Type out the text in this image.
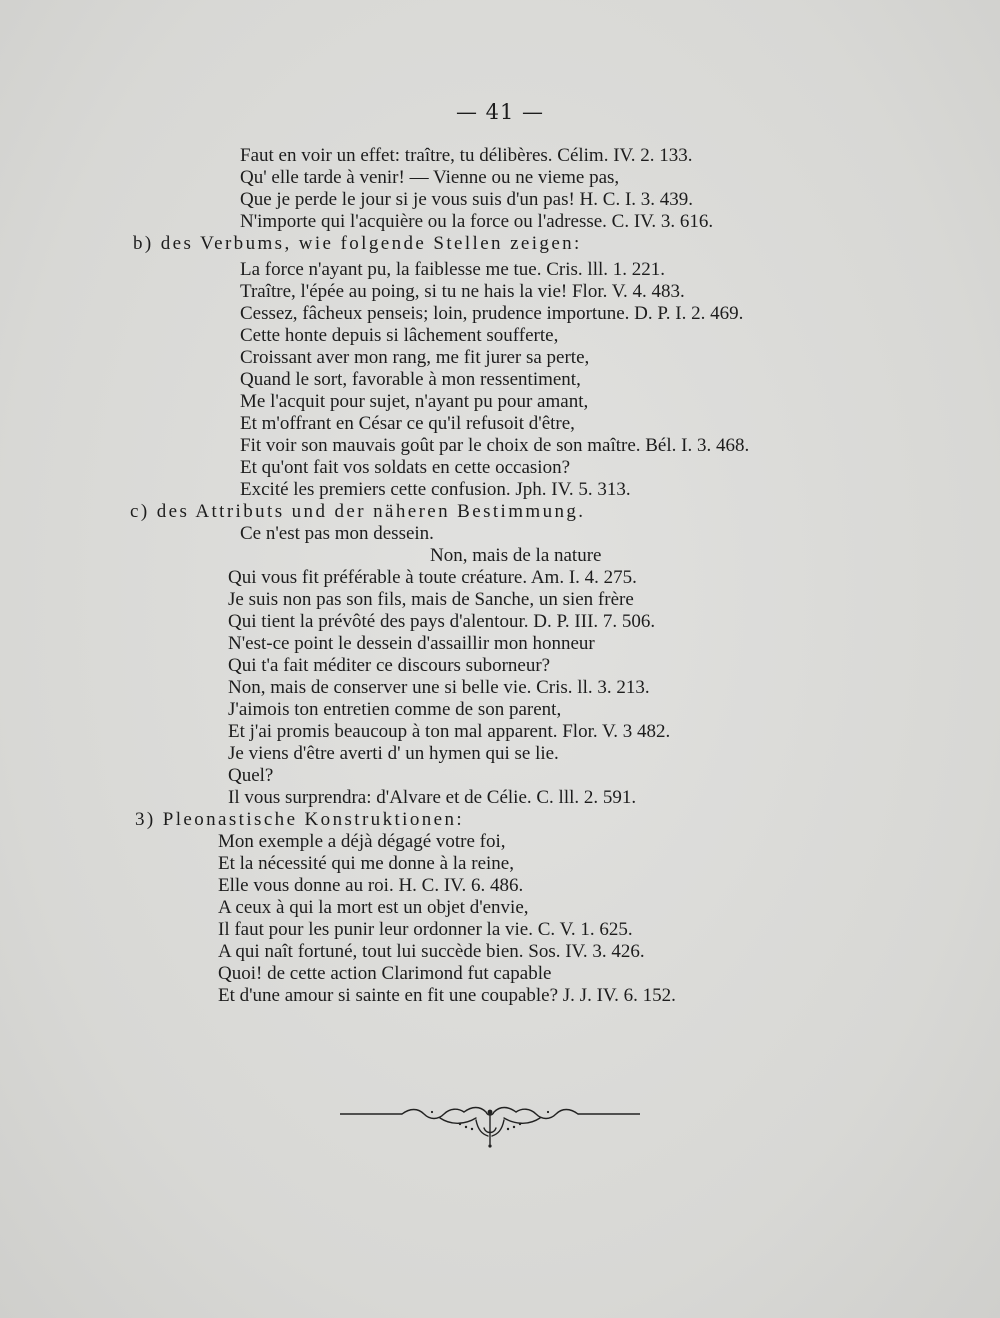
— 41 —
Faut en voir un effet: traître, tu délibères. Célim. IV. 2. 133.
Qu' elle tarde à venir! — Vienne ou ne vieme pas,
Que je perde le jour si je vous suis d'un pas! H. C. I. 3. 439.
N'importe qui l'acquière ou la force ou l'adresse. C. IV. 3. 616.
b) des Verbums, wie folgende Stellen zeigen:
La force n'ayant pu, la faiblesse me tue. Cris. lll. 1. 221.
Traître, l'épée au poing, si tu ne hais la vie! Flor. V. 4. 483.
Cessez, fâcheux penseis; loin, prudence importune. D. P. I. 2. 469.
Cette honte depuis si lâchement soufferte,
Croissant aver mon rang, me fit jurer sa perte,
Quand le sort, favorable à mon ressentiment,
Me l'acquit pour sujet, n'ayant pu pour amant,
Et m'offrant en César ce qu'il refusoit d'être,
Fit voir son mauvais goût par le choix de son maître. Bél. I. 3. 468.
Et qu'ont fait vos soldats en cette occasion?
Excité les premiers cette confusion. Jph. IV. 5. 313.
c) des Attributs und der näheren Bestimmung.
Ce n'est pas mon dessein.
Non, mais de la nature
Qui vous fit préférable à toute créature. Am. I. 4. 275.
Je suis non pas son fils, mais de Sanche, un sien frère
Qui tient la prévôté des pays d'alentour. D. P. III. 7. 506.
N'est-ce point le dessein d'assaillir mon honneur
Qui t'a fait méditer ce discours suborneur?
Non, mais de conserver une si belle vie. Cris. ll. 3. 213.
J'aimois ton entretien comme de son parent,
Et j'ai promis beaucoup à ton mal apparent. Flor. V. 3 482.
Je viens d'être averti d' un hymen qui se lie.
Quel?
Il vous surprendra: d'Alvare et de Célie. C. lll. 2. 591.
3) Pleonastische Konstruktionen:
Mon exemple a déjà dégagé votre foi,
Et la nécessité qui me donne à la reine,
Elle vous donne au roi. H. C. IV. 6. 486.
A ceux à qui la mort est un objet d'envie,
Il faut pour les punir leur ordonner la vie. C. V. 1. 625.
A qui naît fortuné, tout lui succède bien. Sos. IV. 3. 426.
Quoi! de cette action Clarimond fut capable
Et d'une amour si sainte en fit une coupable? J. J. IV. 6. 152.
